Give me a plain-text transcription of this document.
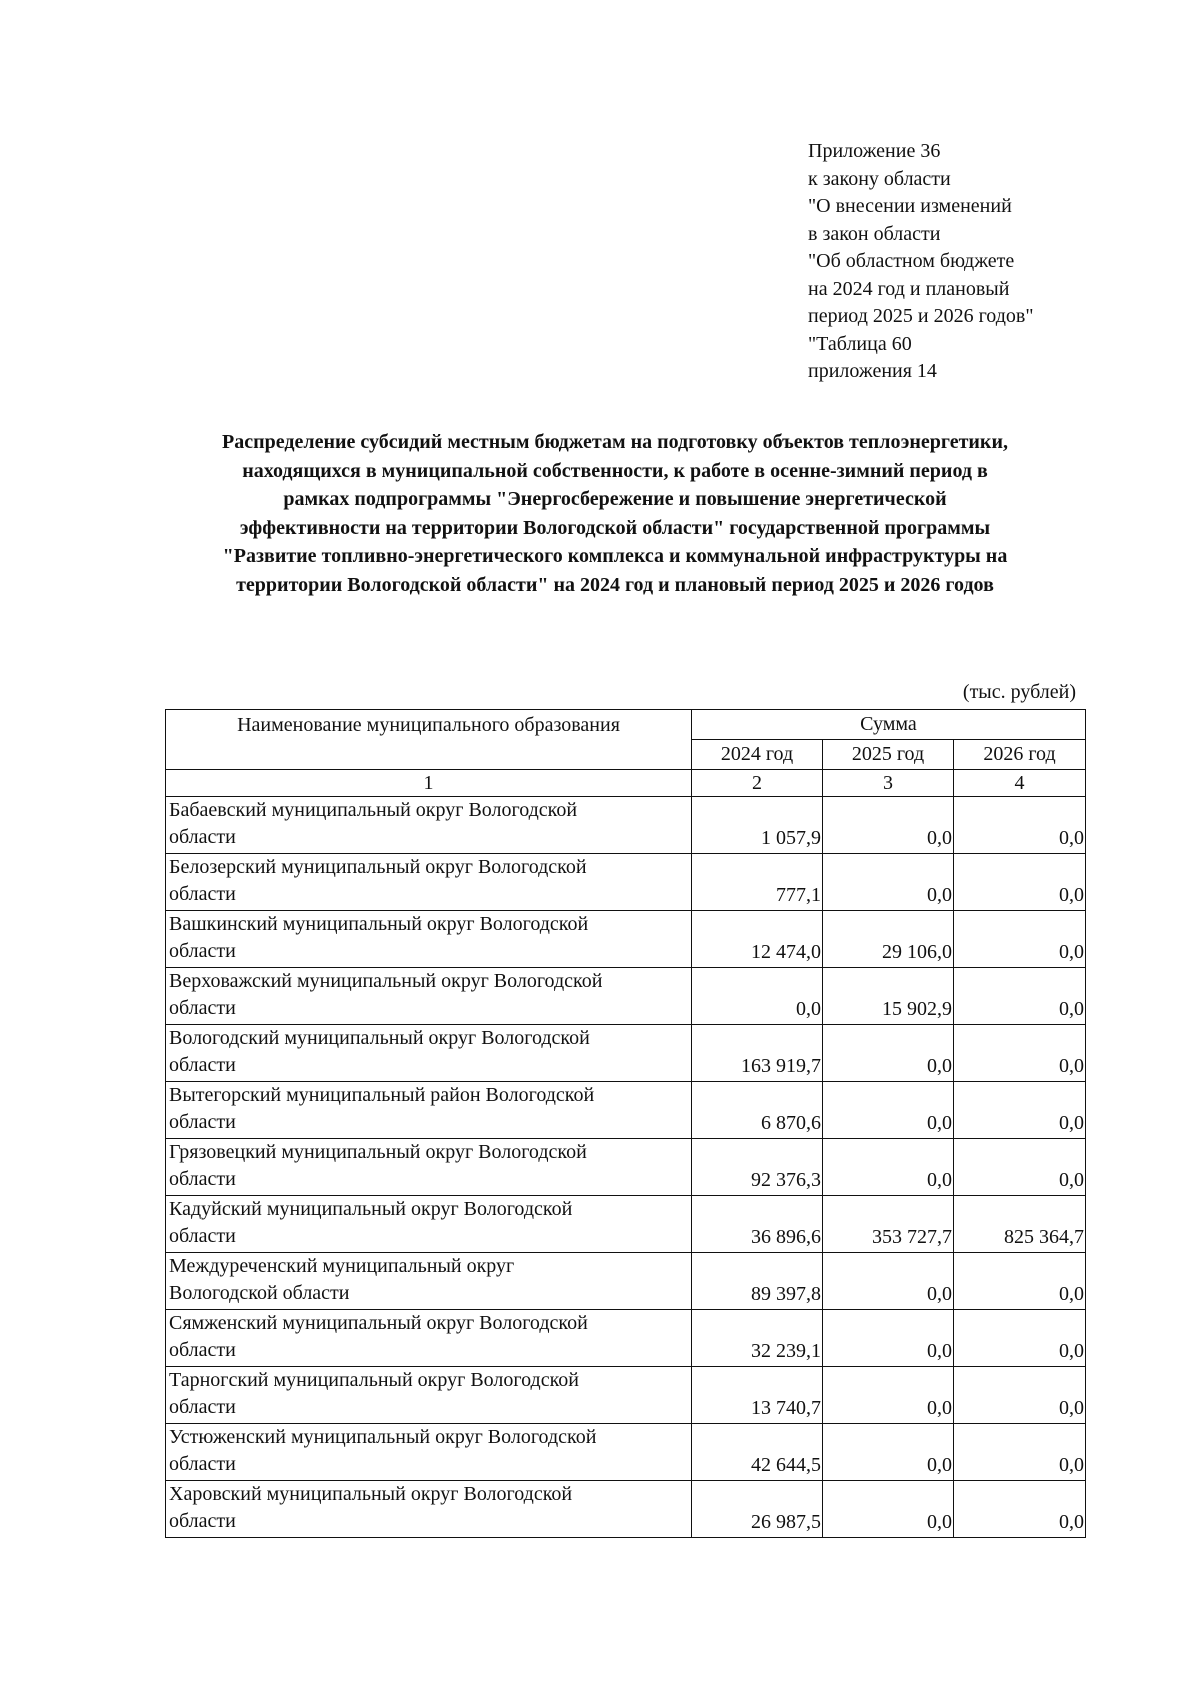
Приложение 36
к закону области
"О внесении изменений
в закон области
"Об областном бюджете
на 2024 год и плановый
период 2025 и 2026 годов"
"Таблица 60
приложения 14
Распределение субсидий местным бюджетам на подготовку объектов теплоэнергетики,
находящихся в муниципальной собственности, к работе в осенне-зимний период в
рамках подпрограммы "Энергосбережение и повышение энергетической
эффективности на территории Вологодской области" государственной программы
"Развитие топливно-энергетического комплекса и коммунальной инфраструктуры на
территории Вологодской области" на 2024 год и плановый период 2025 и 2026 годов
(тыс. рублей)
Наименование муниципального образования	Сумма		
	2024 год	2025 год	2026 год
1	2	3	4

Бабаевский муниципальный округ Вологодской
области	1 057,9	0,0	0,0

Белозерский муниципальный округ Вологодской
области	777,1	0,0	0,0

Вашкинский муниципальный округ Вологодской
области	12 474,0	29 106,0	0,0

Верховажский муниципальный округ Вологодской
области	0,0	15 902,9	0,0

Вологодский муниципальный округ Вологодской
области	163 919,7	0,0	0,0

Вытегорский муниципальный район Вологодской
области	6 870,6	0,0	0,0

Грязовецкий муниципальный округ Вологодской
области	92 376,3	0,0	0,0

Кадуйский муниципальный округ Вологодской
области	36 896,6	353 727,7	825 364,7

Междуреченский муниципальный округ
Вологодской области	89 397,8	0,0	0,0

Сямженский муниципальный округ Вологодской
области	32 239,1	0,0	0,0

Тарногский муниципальный округ Вологодской
области	13 740,7	0,0	0,0

Устюженский муниципальный округ Вологодской
области	42 644,5	0,0	0,0

Харовский муниципальный округ Вологодской
области	26 987,5	0,0	0,0
